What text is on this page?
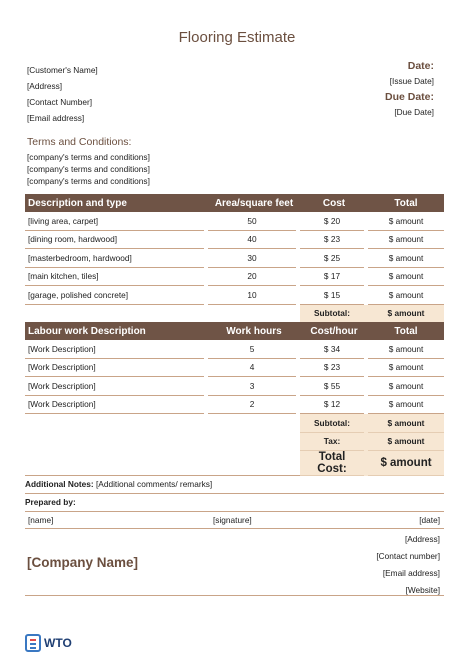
Flooring Estimate
[Customer's Name]
[Address]
[Contact Number]
[Email address]
Date:
[Issue Date]
Due Date:
[Due Date]
Terms and Conditions:
[company's terms and conditions]
[company's terms and conditions]
[company's terms and conditions]
Description and type		Area/square feet		Cost		Total
[living area, carpet]		50		$ 20		$ amount
[dining room, hardwood]		40		$ 23		$ amount
[masterbedroom, hardwood]		30		$ 25		$ amount
[main kitchen, tiles]		20		$ 17		$ amount
[garage, polished concrete]		10		$ 15		$ amount
				Subtotal:		$ amount
Labour work Description		Work hours		Cost/hour		Total
[Work Description]		5		$ 34		$ amount
[Work Description]		4		$ 23		$ amount
[Work Description]		3		$ 55		$ amount
[Work Description]		2		$ 12		$ amount
				Subtotal:		$ amount
				Tax:		$ amount
				Total Cost:		$ amount
Additional Notes: [Additional comments/ remarks]
Prepared by:
[name]	[signature]	[date]
[Company Name]
[Address]
[Contact number]
[Email address]
[Website]
WTO
